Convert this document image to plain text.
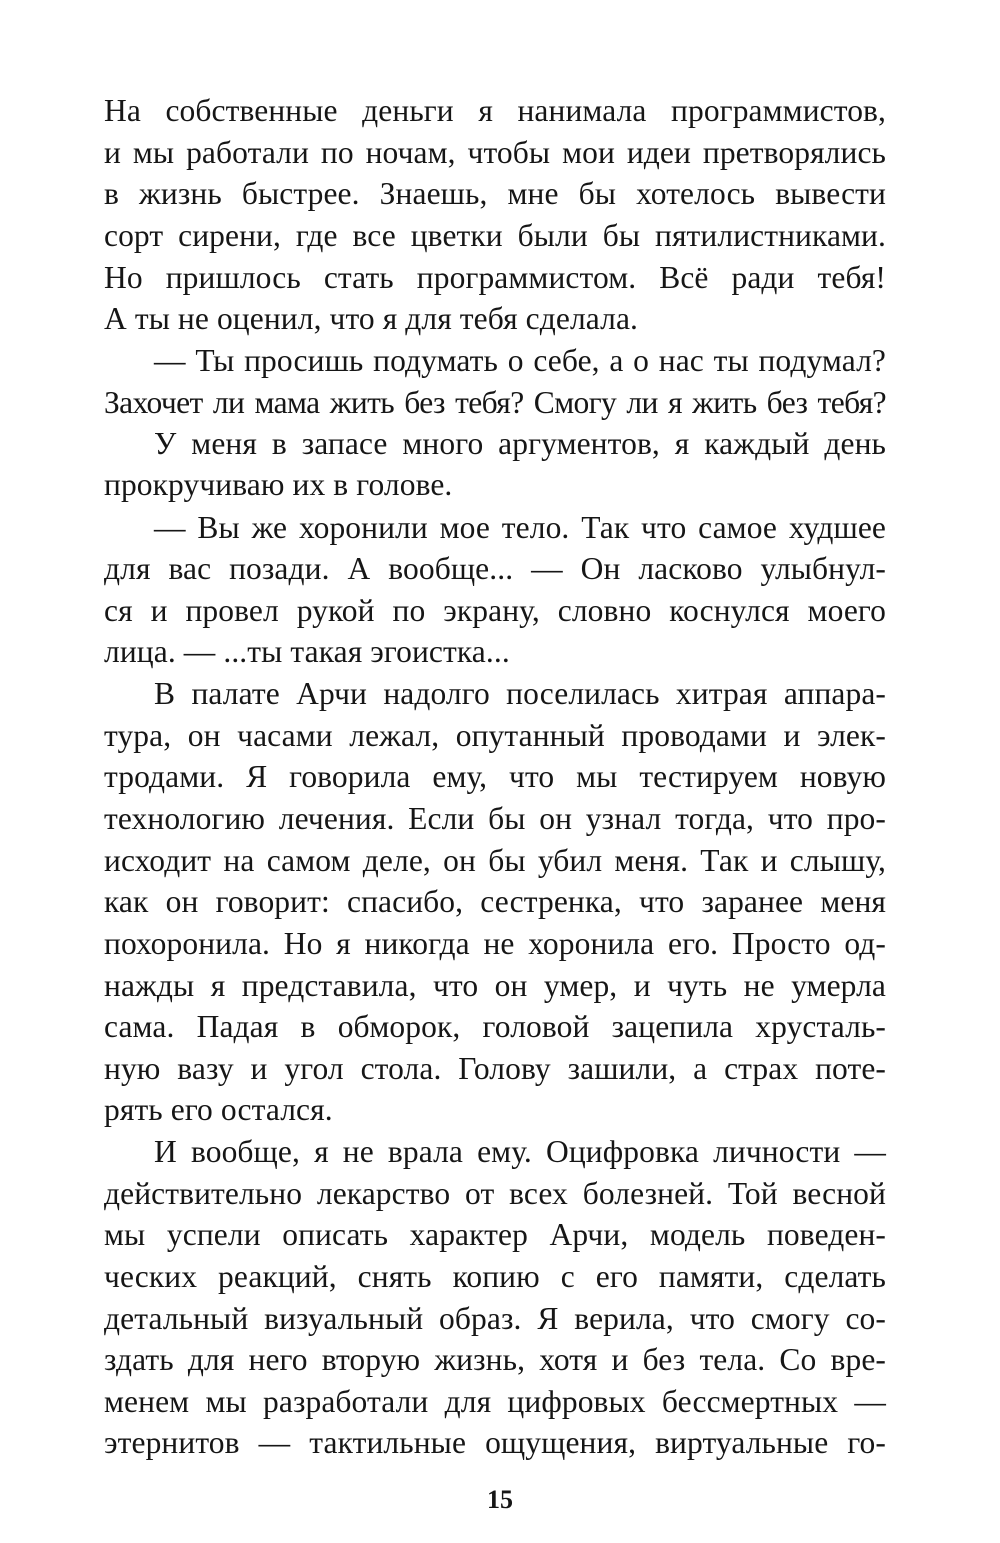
На собственные деньги я нанимала программистов,
и мы работали по ночам, чтобы мои идеи претворялись
в жизнь быстрее. Знаешь, мне бы хотелось вывести
сорт сирени, где все цветки были бы пятилистниками.
Но пришлось стать программистом. Всё ради тебя!
А ты не оценил, что я для тебя сделала.
— Ты просишь подумать о себе, а о нас ты подумал?
Захочет ли мама жить без тебя? Смогу ли я жить без тебя?
У меня в запасе много аргументов, я каждый день
прокручиваю их в голове.
— Вы же хоронили мое тело. Так что самое худшее
для вас позади. А вообще... — Он ласково улыбнул-
ся и провел рукой по экрану, словно коснулся моего
лица. — ...ты такая эгоистка...
В палате Арчи надолго поселилась хитрая аппара-
тура, он часами лежал, опутанный проводами и элек-
тродами. Я говорила ему, что мы тестируем новую
технологию лечения. Если бы он узнал тогда, что про-
исходит на самом деле, он бы убил меня. Так и слышу,
как он говорит: спасибо, сестренка, что заранее меня
похоронила. Но я никогда не хоронила его. Просто од-
нажды я представила, что он умер, и чуть не умерла
сама. Падая в обморок, головой зацепила хрусталь-
ную вазу и угол стола. Голову зашили, а страх поте-
рять его остался.
И вообще, я не врала ему. Оцифровка личности —
действительно лекарство от всех болезней. Той весной
мы успели описать характер Арчи, модель поведен-
ческих реакций, снять копию с его памяти, сделать
детальный визуальный образ. Я верила, что смогу со-
здать для него вторую жизнь, хотя и без тела. Со вре-
менем мы разработали для цифровых бессмертных —
этернитов — тактильные ощущения, виртуальные го-
15
